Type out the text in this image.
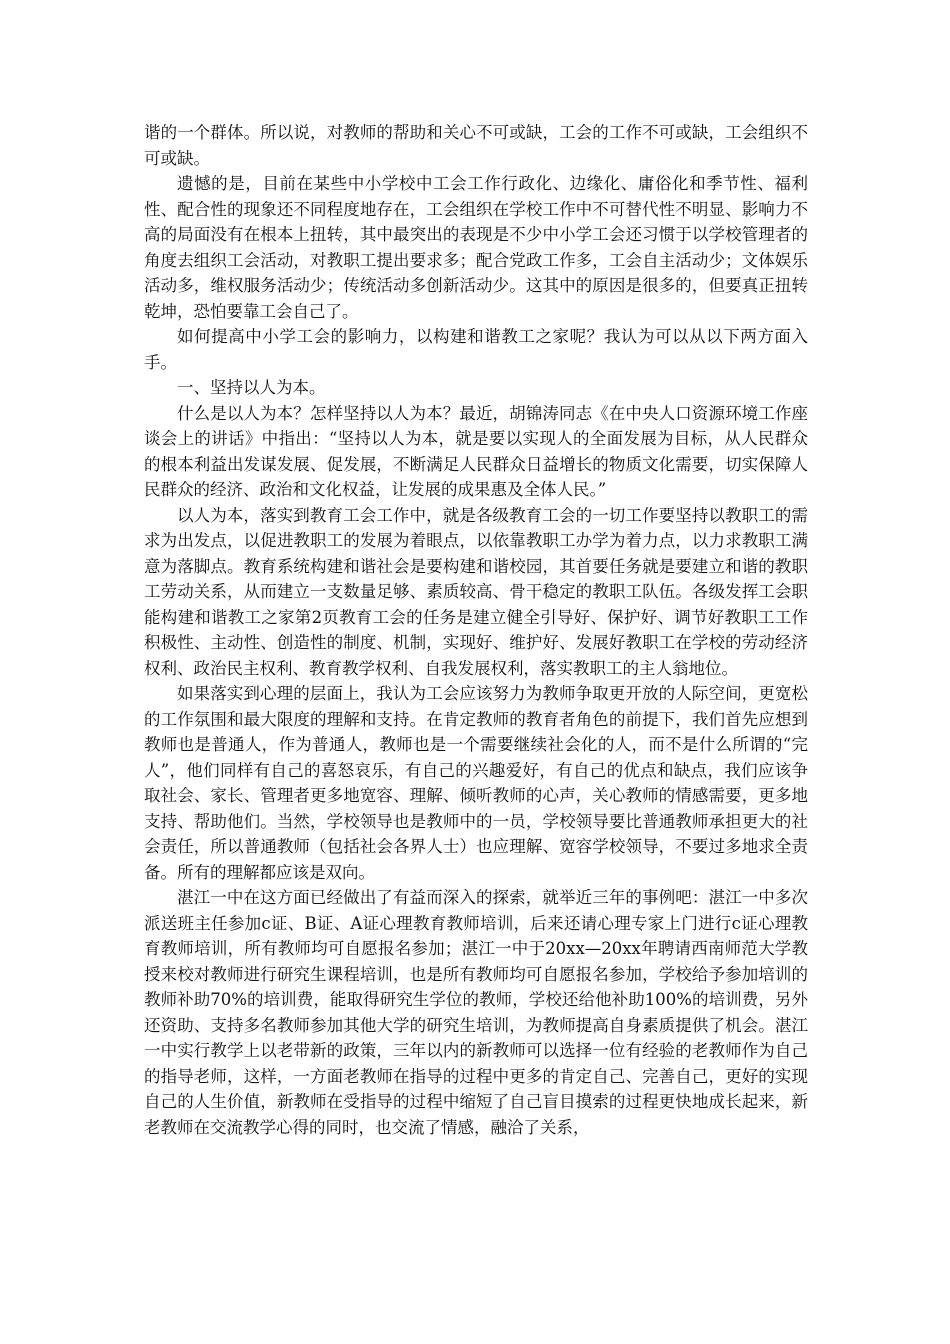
谐的一个群体。所以说，对教师的帮助和关心不可或缺，工会的工作不可或缺，工会组织不可或缺。

遗憾的是，目前在某些中小学校中工会工作行政化、边缘化、庸俗化和季节性、福利性、配合性的现象还不同程度地存在，工会组织在学校工作中不可替代性不明显、影响力不高的局面没有在根本上扭转，其中最突出的表现是不少中小学工会还习惯于以学校管理者的角度去组织工会活动，对教职工提出要求多；配合党政工作多，工会自主活动少；文体娱乐活动多，维权服务活动少；传统活动多创新活动少。这其中的原因是很多的，但要真正扭转乾坤，恐怕要靠工会自己了。

如何提高中小学工会的影响力，以构建和谐教工之家呢？我认为可以从以下两方面入手。

一、坚持以人为本。

什么是以人为本？怎样坚持以人为本？最近，胡锦涛同志《在中央人口资源环境工作座谈会上的讲话》中指出：“坚持以人为本，就是要以实现人的全面发展为目标，从人民群众的根本利益出发谋发展、促发展，不断满足人民群众日益增长的物质文化需要，切实保障人民群众的经济、政治和文化权益，让发展的成果惠及全体人民。”

以人为本，落实到教育工会工作中，就是各级教育工会的一切工作要坚持以教职工的需求为出发点，以促进教职工的发展为着眼点，以依靠教职工办学为着力点，以力求教职工满意为落脚点。教育系统构建和谐社会是要构建和谐校园，其首要任务就是要建立和谐的教职工劳动关系，从而建立一支数量足够、素质较高、骨干稳定的教职工队伍。各级发挥工会职能构建和谐教工之家第2页教育工会的任务是建立健全引导好、保护好、调节好教职工工作积极性、主动性、创造性的制度、机制，实现好、维护好、发展好教职工在学校的劳动经济权利、政治民主权利、教育教学权利、自我发展权利，落实教职工的主人翁地位。

如果落实到心理的层面上，我认为工会应该努力为教师争取更开放的人际空间，更宽松的工作氛围和最大限度的理解和支持。在肯定教师的教育者角色的前提下，我们首先应想到教师也是普通人，作为普通人，教师也是一个需要继续社会化的人，而不是什么所谓的“完人”，他们同样有自己的喜怒哀乐，有自己的兴趣爱好，有自己的优点和缺点，我们应该争取社会、家长、管理者更多地宽容、理解、倾听教师的心声，关心教师的情感需要，更多地支持、帮助他们。当然，学校领导也是教师中的一员，学校领导要比普通教师承担更大的社会责任，所以普通教师（包括社会各界人士）也应理解、宽容学校领导，不要过多地求全责备。所有的理解都应该是双向。

湛江一中在这方面已经做出了有益而深入的探索，就举近三年的事例吧：湛江一中多次派送班主任参加c证、B证、A证心理教育教师培训，后来还请心理专家上门进行c证心理教育教师培训，所有教师均可自愿报名参加；湛江一中于20xx—20xx年聘请西南师范大学教授来校对教师进行研究生课程培训，也是所有教师均可自愿报名参加，学校给予参加培训的教师补助70%的培训费，能取得研究生学位的教师，学校还给他补助100%的培训费，另外还资助、支持多名教师参加其他大学的研究生培训，为教师提高自身素质提供了机会。湛江一中实行教学上以老带新的政策，三年以内的新教师可以选择一位有经验的老教师作为自己的指导老师，这样，一方面老教师在指导的过程中更多的肯定自己、完善自己，更好的实现自己的人生价值，新教师在受指导的过程中缩短了自己盲目摸索的过程更快地成长起来，新老教师在交流教学心得的同时，也交流了情感，融洽了关系，
